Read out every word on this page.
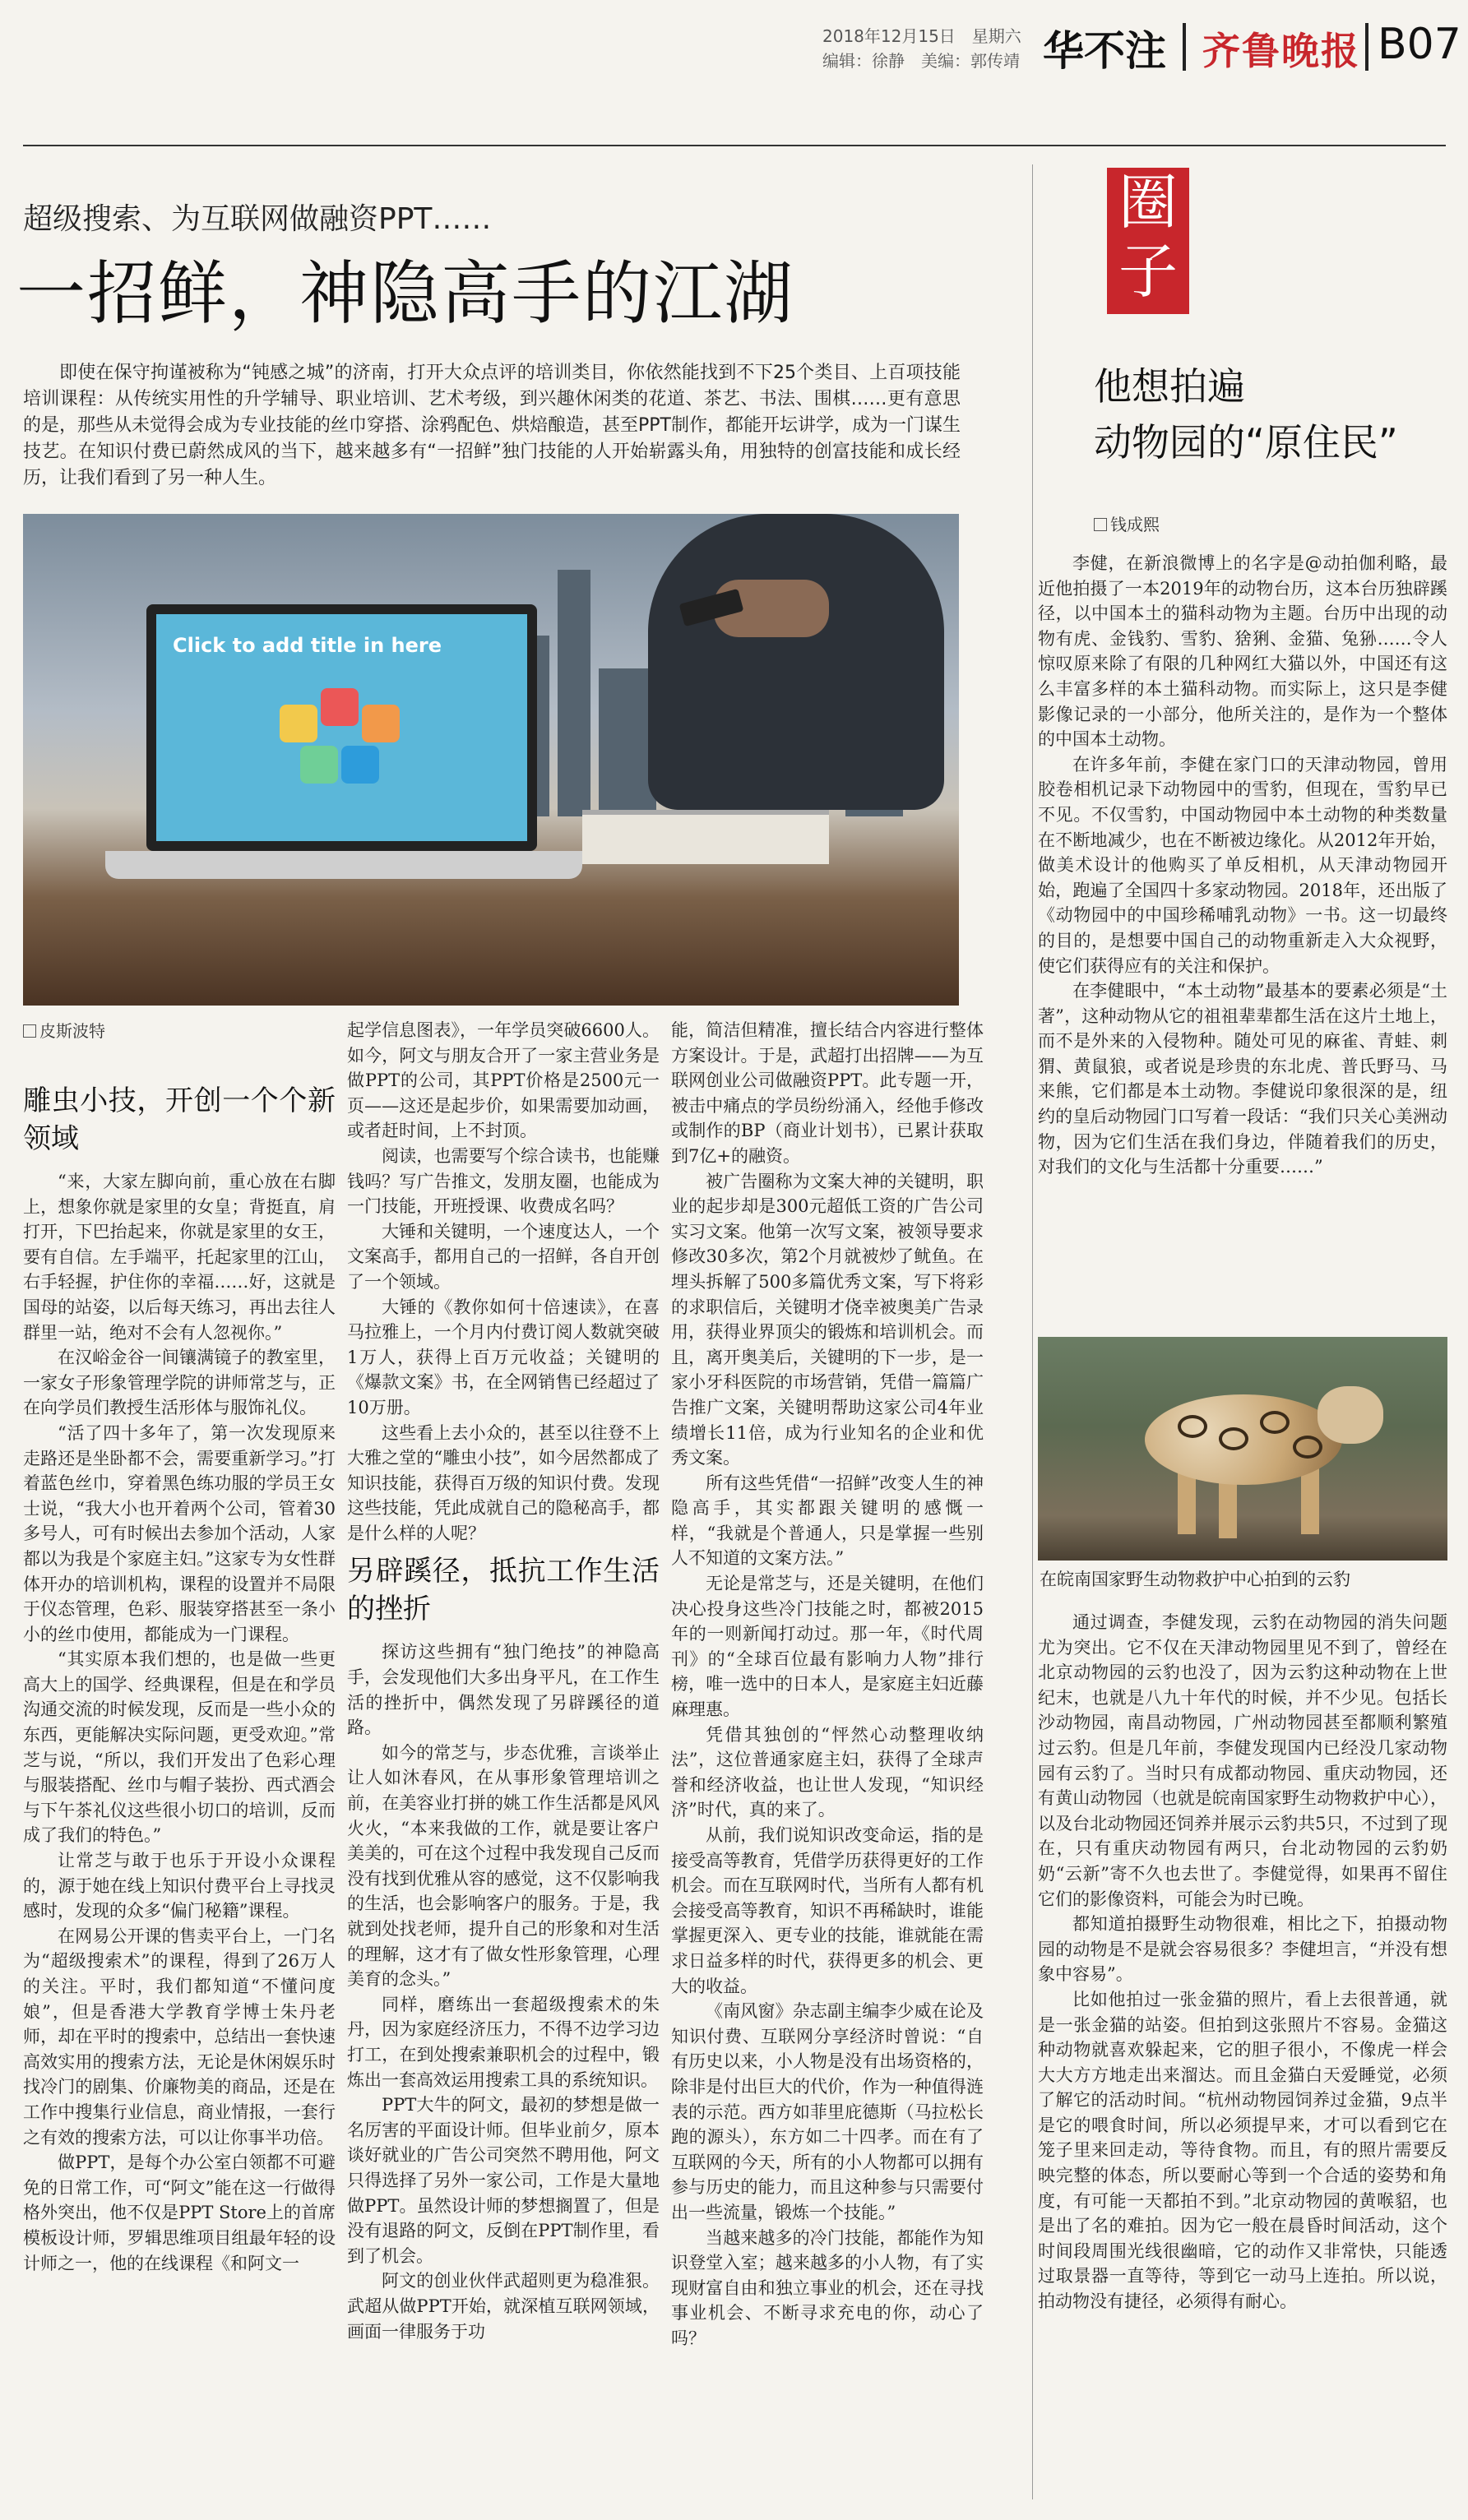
2018年12月15日　星期六
编辑：徐静　美编：郭传靖 华不注 齐鲁晚报 B07
超级搜索、为互联网做融资PPT……
一招鲜，神隐高手的江湖
即使在保守拘谨被称为“钝感之城”的济南，打开大众点评的培训类目，你依然能找到不下25个类目、上百项技能培训课程：从传统实用性的升学辅导、职业培训、艺术考级，到兴趣休闲类的花道、茶艺、书法、围棋……更有意思的是，那些从未觉得会成为专业技能的丝巾穿搭、涂鸦配色、烘焙酿造，甚至PPT制作，都能开坛讲学，成为一门谋生技艺。在知识付费已蔚然成风的当下，越来越多有“一招鲜”独门技能的人开始崭露头角，用独特的创富技能和成长经历，让我们看到了另一种人生。
Click to add title in here
皮斯波特
雕虫小技，开创一个个新领域

“来，大家左脚向前，重心放在右脚上，想象你就是家里的女皇；背挺直，肩打开，下巴抬起来，你就是家里的女王，要有自信。左手端平，托起家里的江山，右手轻握，护住你的幸福……好，这就是国母的站姿，以后每天练习，再出去往人群里一站，绝对不会有人忽视你。”

在汉峪金谷一间镶满镜子的教室里，一家女子形象管理学院的讲师常芝与，正在向学员们教授生活形体与服饰礼仪。

“活了四十多年了，第一次发现原来走路还是坐卧都不会，需要重新学习。”打着蓝色丝巾，穿着黑色练功服的学员王女士说，“我大小也开着两个公司，管着30多号人，可有时候出去参加个活动，人家都以为我是个家庭主妇。”这家专为女性群体开办的培训机构，课程的设置并不局限于仪态管理，色彩、服装穿搭甚至一条小小的丝巾使用，都能成为一门课程。

“其实原本我们想的，也是做一些更高大上的国学、经典课程，但是在和学员沟通交流的时候发现，反而是一些小众的东西，更能解决实际问题，更受欢迎。”常芝与说，“所以，我们开发出了色彩心理与服装搭配、丝巾与帽子装扮、西式酒会与下午茶礼仪这些很小切口的培训，反而成了我们的特色。”

让常芝与敢于也乐于开设小众课程的，源于她在线上知识付费平台上寻找灵感时，发现的众多“偏门秘籍”课程。

在网易公开课的售卖平台上，一门名为“超级搜索术”的课程，得到了26万人的关注。平时，我们都知道“不懂问度娘”，但是香港大学教育学博士朱丹老师，却在平时的搜索中，总结出一套快速高效实用的搜索方法，无论是休闲娱乐时找冷门的剧集、价廉物美的商品，还是在工作中搜集行业信息，商业情报，一套行之有效的搜索方法，可以让你事半功倍。

做PPT，是每个办公室白领都不可避免的日常工作，可“阿文”能在这一行做得格外突出，他不仅是PPT Store上的首席模板设计师，罗辑思维项目组最年轻的设计师之一，他的在线课程《和阿文一

起学信息图表》，一年学员突破6600人。如今，阿文与朋友合开了一家主营业务是做PPT的公司，其PPT价格是2500元一页——这还是起步价，如果需要加动画，或者赶时间，上不封顶。

阅读，也需要写个综合读书，也能赚钱吗？写广告推文，发朋友圈，也能成为一门技能，开班授课、收费成名吗？

大锤和关键明，一个速度达人，一个文案高手，都用自己的一招鲜，各自开创了一个领域。

大锤的《教你如何十倍速读》，在喜马拉雅上，一个月内付费订阅人数就突破1万人，获得上百万元收益；关键明的《爆款文案》书，在全网销售已经超过了10万册。

这些看上去小众的，甚至以往登不上大雅之堂的“雕虫小技”，如今居然都成了知识技能，获得百万级的知识付费。发现这些技能，凭此成就自己的隐秘高手，都是什么样的人呢？

另辟蹊径，抵抗工作生活的挫折

探访这些拥有“独门绝技”的神隐高手，会发现他们大多出身平凡，在工作生活的挫折中，偶然发现了另辟蹊径的道路。

如今的常芝与，步态优雅，言谈举止让人如沐春风，在从事形象管理培训之前，在美容业打拼的姚工作生活都是风风火火，“本来我做的工作，就是要让客户美美的，可在这个过程中我发现自己反而没有找到优雅从容的感觉，这不仅影响我的生活，也会影响客户的服务。于是，我就到处找老师，提升自己的形象和对生活的理解，这才有了做女性形象管理，心理美育的念头。”

同样，磨练出一套超级搜索术的朱丹，因为家庭经济压力，不得不边学习边打工，在到处搜索兼职机会的过程中，锻炼出一套高效运用搜索工具的系统知识。

PPT大牛的阿文，最初的梦想是做一名厉害的平面设计师。但毕业前夕，原本谈好就业的广告公司突然不聘用他，阿文只得选择了另外一家公司，工作是大量地做PPT。虽然设计师的梦想搁置了，但是没有退路的阿文，反倒在PPT制作里，看到了机会。

阿文的创业伙伴武超则更为稳准狠。武超从做PPT开始，就深植互联网领域，画面一律服务于功

能，简洁但精准，擅长结合内容进行整体方案设计。于是，武超打出招牌——为互联网创业公司做融资PPT。此专题一开，被击中痛点的学员纷纷涌入，经他手修改或制作的BP（商业计划书），已累计获取到7亿+的融资。

被广告圈称为文案大神的关键明，职业的起步却是300元超低工资的广告公司实习文案。他第一次写文案，被领导要求修改30多次，第2个月就被炒了鱿鱼。在埋头拆解了500多篇优秀文案，写下将彩的求职信后，关键明才侥幸被奥美广告录用，获得业界顶尖的锻炼和培训机会。而且，离开奥美后，关键明的下一步，是一家小牙科医院的市场营销，凭借一篇篇广告推广文案，关键明帮助这家公司4年业绩增长11倍，成为行业知名的企业和优秀文案。

所有这些凭借“一招鲜”改变人生的神隐高手，其实都跟关键明的感慨一样，“我就是个普通人，只是掌握一些别人不知道的文案方法。”

无论是常芝与，还是关键明，在他们决心投身这些冷门技能之时，都被2015年的一则新闻打动过。那一年，《时代周刊》的“全球百位最有影响力人物”排行榜，唯一选中的日本人，是家庭主妇近藤麻理惠。

凭借其独创的“怦然心动整理收纳法”，这位普通家庭主妇，获得了全球声誉和经济收益，也让世人发现，“知识经济”时代，真的来了。

从前，我们说知识改变命运，指的是接受高等教育，凭借学历获得更好的工作机会。而在互联网时代，当所有人都有机会接受高等教育，知识不再稀缺时，谁能掌握更深入、更专业的技能，谁就能在需求日益多样的时代，获得更多的机会、更大的收益。

《南风窗》杂志副主编李少威在论及知识付费、互联网分享经济时曾说：“自有历史以来，小人物是没有出场资格的，除非是付出巨大的代价，作为一种值得涟表的示范。西方如菲里庇德斯（马拉松长跑的源头），东方如二十四孝。而在有了互联网的今天，所有的小人物都可以拥有参与历史的能力，而且这种参与只需要付出一些流量，锻炼一个技能。”

当越来越多的冷门技能，都能作为知识登堂入室；越来越多的小人物，有了实现财富自由和独立事业的机会，还在寻找事业机会、不断寻求充电的你，动心了吗？

圈
子
他想拍遍
动物园的“原住民”
钱成熙

李健，在新浪微博上的名字是@动拍伽利略，最近他拍摄了一本2019年的动物台历，这本台历独辟蹊径，以中国本土的猫科动物为主题。台历中出现的动物有虎、金钱豹、雪豹、猞猁、金猫、兔狲……令人惊叹原来除了有限的几种网红大猫以外，中国还有这么丰富多样的本土猫科动物。而实际上，这只是李健影像记录的一小部分，他所关注的，是作为一个整体的中国本土动物。

在许多年前，李健在家门口的天津动物园，曾用胶卷相机记录下动物园中的雪豹，但现在，雪豹早已不见。不仅雪豹，中国动物园中本土动物的种类数量在不断地减少，也在不断被边缘化。从2012年开始，做美术设计的他购买了单反相机，从天津动物园开始，跑遍了全国四十多家动物园。2018年，还出版了《动物园中的中国珍稀哺乳动物》一书。这一切最终的目的，是想要中国自己的动物重新走入大众视野，使它们获得应有的关注和保护。

在李健眼中，“本土动物”最基本的要素必须是“土著”，这种动物从它的祖祖辈辈都生活在这片土地上，而不是外来的入侵物种。随处可见的麻雀、青蛙、刺猬、黄鼠狼，或者说是珍贵的东北虎、普氏野马、马来熊，它们都是本土动物。李健说印象很深的是，纽约的皇后动物园门口写着一段话：“我们只关心美洲动物，因为它们生活在我们身边，伴随着我们的历史，对我们的文化与生活都十分重要……”

在皖南国家野生动物救护中心拍到的云豹

通过调查，李健发现，云豹在动物园的消失问题尤为突出。它不仅在天津动物园里见不到了，曾经在北京动物园的云豹也没了，因为云豹这种动物在上世纪末，也就是八九十年代的时候，并不少见。包括长沙动物园，南昌动物园，广州动物园甚至都顺利繁殖过云豹。但是几年前，李健发现国内已经没几家动物园有云豹了。当时只有成都动物园、重庆动物园，还有黄山动物园（也就是皖南国家野生动物救护中心），以及台北动物园还饲养并展示云豹共5只，不过到了现在，只有重庆动物园有两只，台北动物园的云豹奶奶“云新”寄不久也去世了。李健觉得，如果再不留住它们的影像资料，可能会为时已晚。

都知道拍摄野生动物很难，相比之下，拍摄动物园的动物是不是就会容易很多？李健坦言，“并没有想象中容易”。

比如他拍过一张金猫的照片，看上去很普通，就是一张金猫的站姿。但拍到这张照片不容易。金猫这种动物就喜欢躲起来，它的胆子很小，不像虎一样会大大方方地走出来溜达。而且金猫白天爱睡觉，必须了解它的活动时间。“杭州动物园饲养过金猫，9点半是它的喂食时间，所以必须提早来，才可以看到它在笼子里来回走动，等待食物。而且，有的照片需要反映完整的体态，所以要耐心等到一个合适的姿势和角度，有可能一天都拍不到。”北京动物园的黄喉貂，也是出了名的难拍。因为它一般在晨昏时间活动，这个时间段周围光线很幽暗，它的动作又非常快，只能透过取景器一直等待，等到它一动马上连拍。所以说，拍动物没有捷径，必须得有耐心。
